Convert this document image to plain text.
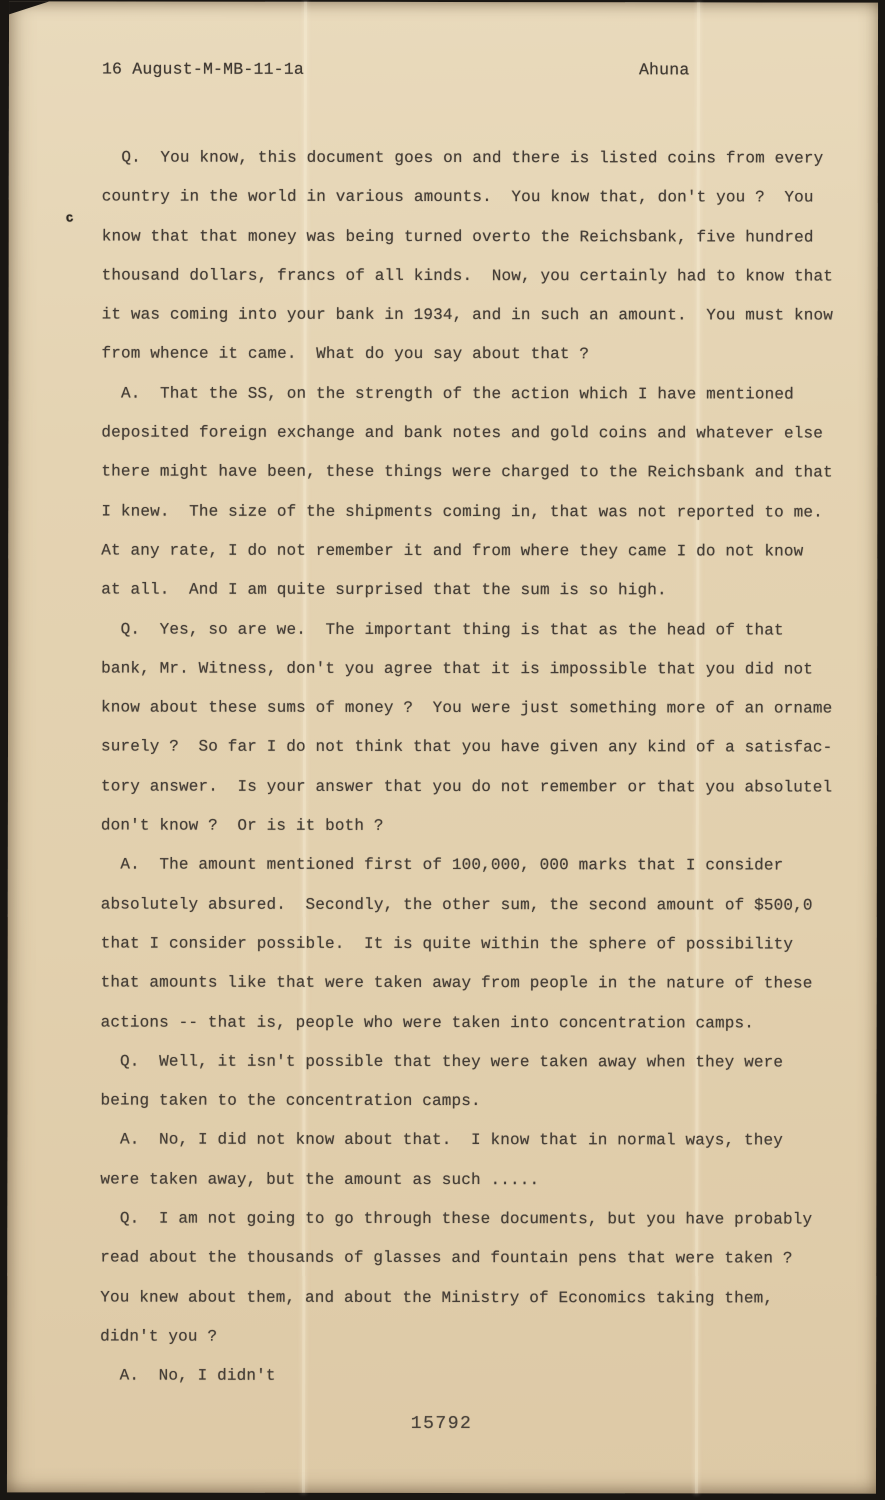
16 August-M-MB-11-1a	Ahuna
c
Q.  You know, this document goes on and there is listed coins from every
country in the world in various amounts.  You know that, don't you ?  You
know that that money was being turned overto the Reichsbank, five hundred
thousand dollars, francs of all kinds.  Now, you certainly had to know that
it was coming into your bank in 1934, and in such an amount.  You must know
from whence it came.  What do you say about that ?
A.  That the SS, on the strength of the action which I have mentioned
deposited foreign exchange and bank notes and gold coins and whatever else
there might have been, these things were charged to the Reichsbank and that
I knew.  The size of the shipments coming in, that was not reported to me.
At any rate, I do not remember it and from where they came I do not know
at all.  And I am quite surprised that the sum is so high.
Q.  Yes, so are we.  The important thing is that as the head of that
bank, Mr. Witness, don't you agree that it is impossible that you did not
know about these sums of money ?  You were just something more of an orname
surely ?  So far I do not think that you have given any kind of a satisfac-
tory answer.  Is your answer that you do not remember or that you absolutel
don't know ?  Or is it both ?
A.  The amount mentioned first of 100,000, 000 marks that I consider
absolutely absured.  Secondly, the other sum, the second amount of $500,0
that I consider possible.  It is quite within the sphere of possibility
that amounts like that were taken away from people in the nature of these
actions -- that is, people who were taken into concentration camps.
Q.  Well, it isn't possible that they were taken away when they were
being taken to the concentration camps.
A.  No, I did not know about that.  I know that in normal ways, they
were taken away, but the amount as such .....
Q.  I am not going to go through these documents, but you have probably
read about the thousands of glasses and fountain pens that were taken ?
You knew about them, and about the Ministry of Economics taking them,
didn't you ?
A.  No, I didn't
15792
